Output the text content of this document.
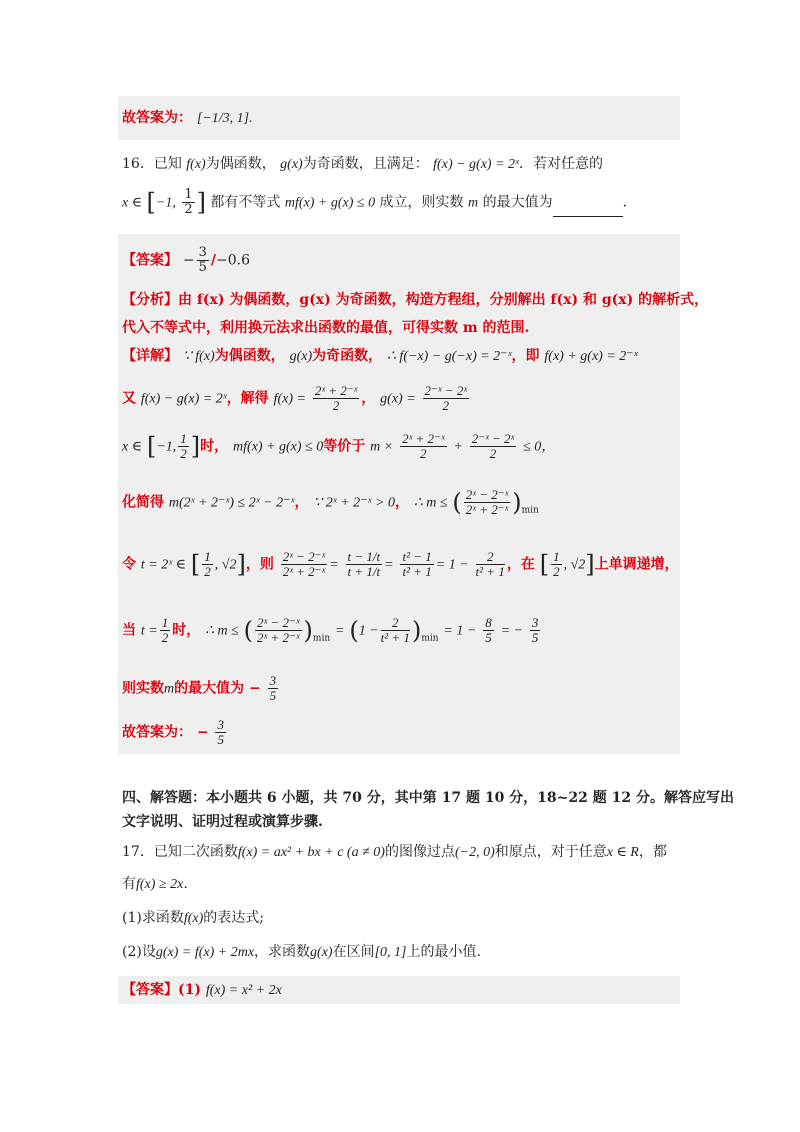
故答案为： [−1/3, 1].
16．已知 f(x)为偶函数， g(x)为奇函数，且满足： f(x) − g(x) = 2ˣ．若对任意的
x ∈ [−1, $\frac{1}{2}$ ] 都有不等式 mf(x) + g(x) ≤ 0 成立，则实数 m 的最大值为	．
【答案】 − $\frac{3}{5} /-0.6$
【分析】由 f(x) 为偶函数，g(x) 为奇函数，构造方程组，分别解出 f(x) 和 g(x) 的解析式，
代入不等式中，利用换元法求出函数的最值，可得实数 m 的范围.
【详解】 ∵ f(x)为偶函数， g(x)为奇函数， ∴ f(−x) − g(−x) = 2⁻ˣ，即 f(x) + g(x) = 2⁻ˣ
又 f(x) − g(x) = 2ˣ，解得 $f(x) = \frac{\text{2ˣ + 2⁻ˣ}}{2}$ ， $g(x) = \frac{\text{2⁻ˣ − 2ˣ}}{2}$
x ∈ [−1, $\frac{1}{2}$ ]时， mf(x) + g(x) ≤ 0等价于 $m \times \frac{\text{2ˣ + 2⁻ˣ}}{2} + \frac{\text{2⁻ˣ − 2ˣ}}{2} \le 0$，
化简得 m(2ˣ + 2⁻ˣ) ≤ 2ˣ − 2⁻ˣ， ∵ 2ˣ + 2⁻ˣ > 0， ∴ m ≤ ( $\frac{\text{2ˣ − 2⁻ˣ}}{\text{2ˣ + 2⁻ˣ}} )_{min}$
令 t = 2ˣ ∈ [ $\frac{1}{2}$ , √2]，则 $\frac{\text{2ˣ − 2⁻ˣ}}{\text{2ˣ + 2⁻ˣ}} = \frac{t - 1/t}{t + 1/t} = \frac{\text{t² − 1}}{\text{t² + 1}} = 1 - \frac{2}{\text{t² + 1}}$ ，在 [ $\frac{1}{2}$ , √2]上单调递增，
当 $t = \frac{1}{2}$ 时， ∴ m ≤ ( $\frac{\text{2ˣ − 2⁻ˣ}}{\text{2ˣ + 2⁻ˣ}} )_{min} = (1 - \frac{2}{\text{t² + 1}} )_{min} = 1 - \frac{8}{5}$ = − $\frac{3}{5}$
则实数m的最大值为 − $\frac{3}{5}$
故答案为： − $\frac{3}{5}$
四、解答题：本小题共 6 小题，共 70 分，其中第 17 题 10 分，18~22 题 12 分。解答应写出
文字说明、证明过程或演算步骤.
17．已知二次函数f(x) = ax² + bx + c (a ≠ 0)的图像过点(−2, 0)和原点，对于任意x ∈ R，都
有f(x) ≥ 2x.
(1)求函数f(x)的表达式;
(2)设g(x) = f(x) + 2mx，求函数g(x)在区间[0, 1]上的最小值.
【答案】(1) f(x) = x² + 2x
